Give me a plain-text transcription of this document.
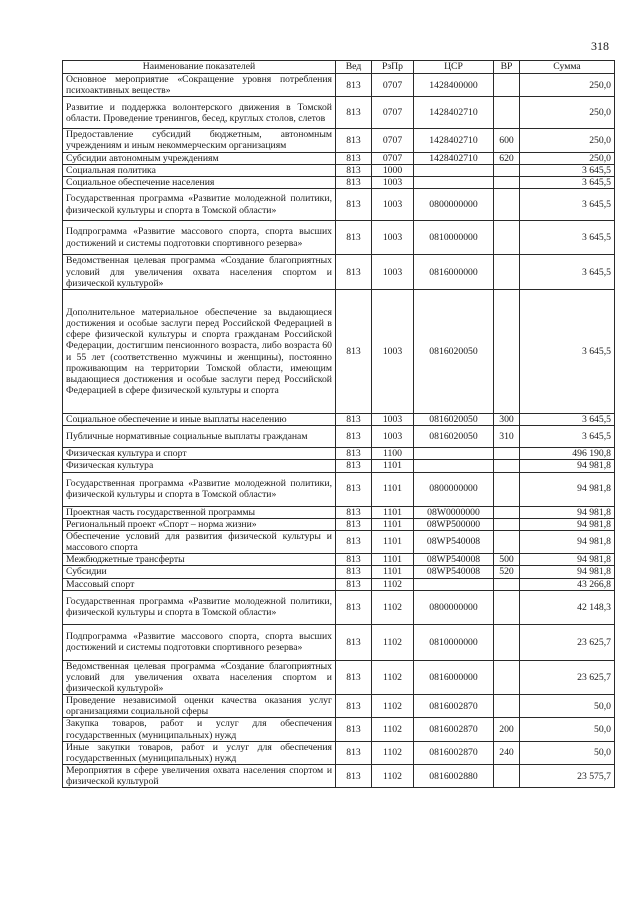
318
Наименование показателей	Вед	РзПр	ЦСР	ВР	Сумма
Основное мероприятие «Сокращение уровня потребления психоактивных веществ»	813	0707	1428400000		250,0
Развитие и поддержка волонтерского движения в Томской области. Проведение тренингов, бесед, круглых столов, слетов	813	0707	1428402710		250,0
Предоставление субсидий бюджетным, автономным учреждениям и иным некоммерческим организациям	813	0707	1428402710	600	250,0
Субсидии автономным учреждениям	813	0707	1428402710	620	250,0
Социальная политика	813	1000			3 645,5
Социальное обеспечение населения	813	1003			3 645,5
Государственная программа «Развитие молодежной политики, физической культуры и спорта в Томской области»	813	1003	0800000000		3 645,5
Подпрограмма «Развитие массового спорта, спорта высших достижений и системы подготовки спортивного резерва»	813	1003	0810000000		3 645,5
Ведомственная целевая программа «Создание благоприятных условий для увеличения охвата населения спортом и физической культурой»	813	1003	0816000000		3 645,5
Дополнительное материальное обеспечение за выдающиеся достижения и особые заслуги перед Российской Федерацией в сфере физической культуры и спорта гражданам Российской Федерации, достигшим пенсионного возраста, либо возраста 60 и 55 лет (соответственно мужчины и женщины), постоянно проживающим на территории Томской области, имеющим выдающиеся достижения и особые заслуги перед Российской Федерацией в сфере физической культуры и спорта	813	1003	0816020050		3 645,5
Социальное обеспечение и иные выплаты населению	813	1003	0816020050	300	3 645,5
Публичные нормативные социальные выплаты гражданам	813	1003	0816020050	310	3 645,5
Физическая культура и спорт	813	1100			496 190,8
Физическая культура	813	1101			94 981,8
Государственная программа «Развитие молодежной политики, физической культуры и спорта в Томской области»	813	1101	0800000000		94 981,8
Проектная часть государственной программы	813	1101	08W0000000		94 981,8
Региональный проект «Спорт – норма жизни»	813	1101	08WP500000		94 981,8
Обеспечение условий для развития физической культуры и массового спорта	813	1101	08WP540008		94 981,8
Межбюджетные трансферты	813	1101	08WP540008	500	94 981,8
Субсидии	813	1101	08WP540008	520	94 981,8
Массовый спорт	813	1102			43 266,8
Государственная программа «Развитие молодежной политики, физической культуры и спорта в Томской области»	813	1102	0800000000		42 148,3
Подпрограмма «Развитие массового спорта, спорта высших достижений и системы подготовки спортивного резерва»	813	1102	0810000000		23 625,7
Ведомственная целевая программа «Создание благоприятных условий для увеличения охвата населения спортом и физической культурой»	813	1102	0816000000		23 625,7
Проведение независимой оценки качества оказания услуг организациями социальной сферы	813	1102	0816002870		50,0
Закупка товаров, работ и услуг для обеспечения государственных (муниципальных) нужд	813	1102	0816002870	200	50,0
Иные закупки товаров, работ и услуг для обеспечения государственных (муниципальных) нужд	813	1102	0816002870	240	50,0
Мероприятия в сфере увеличения охвата населения спортом и физической культурой	813	1102	0816002880		23 575,7
